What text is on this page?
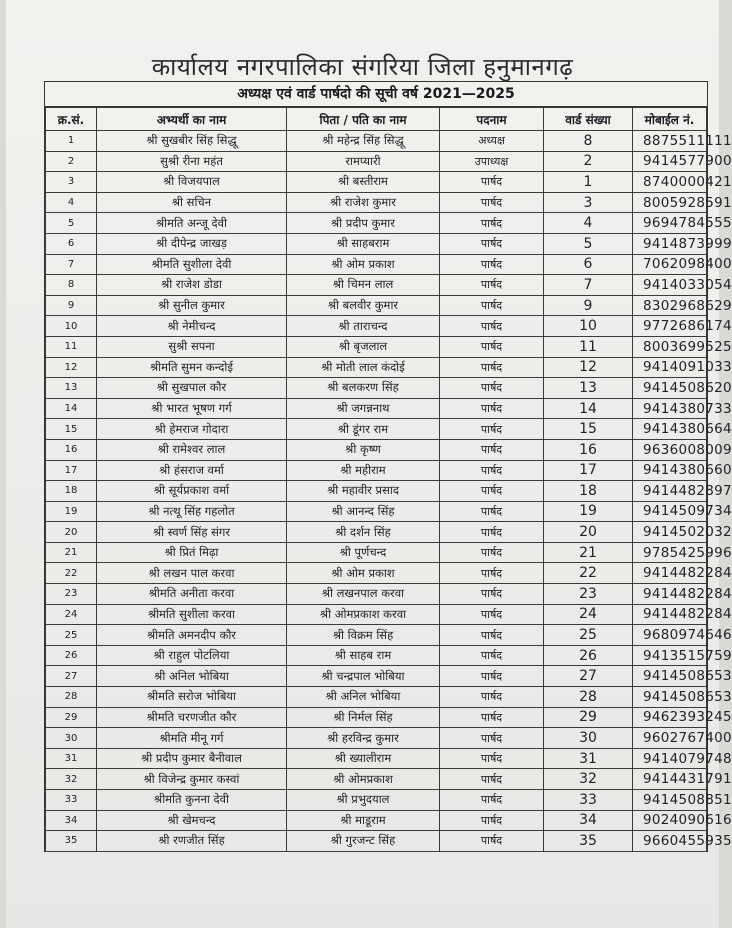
कार्यालय नगरपालिका संगरिया जिला हनुमानगढ़
अध्यक्ष एवं वार्ड पार्षदो की सूची वर्ष 2021—2025
क्र.सं.	अभ्यर्थी का नाम	पिता / पति का नाम	पदनाम	वार्ड संख्या	मोबाईल नं.
1	श्री सुखबीर सिंह सिद्धू	श्री महेन्द्र सिंह सिद्धू	अध्यक्ष	8	8875511111
2	सुश्री रीना महंत	रामप्यारी	उपाध्यक्ष	2	9414577900
3	श्री विजयपाल	श्री बस्तीराम	पार्षद	1	8740000421
4	श्री सचिन	श्री राजेश कुमार	पार्षद	3	8005928591
5	श्रीमति अन्जू देवी	श्री प्रदीप कुमार	पार्षद	4	9694784555
6	श्री दीपेन्द्र जाखड़	श्री साहबराम	पार्षद	5	9414873999
7	श्रीमति सुशीला देवी	श्री ओम प्रकाश	पार्षद	6	7062098400
8	श्री राजेश डोडा	श्री चिमन लाल	पार्षद	7	9414033054
9	श्री सुनील कुमार	श्री बलवीर कुमार	पार्षद	9	8302968629
10	श्री नेमीचन्द	श्री ताराचन्द	पार्षद	10	9772686174
11	सुश्री सपना	श्री बृजलाल	पार्षद	11	8003699525
12	श्रीमति सुमन कन्दोई	श्री मोती लाल कंदोई	पार्षद	12	9414091033
13	श्री सुखपाल कौर	श्री बलकरण सिंह	पार्षद	13	9414508620
14	श्री भारत भूषण गर्ग	श्री जगन्ननाथ	पार्षद	14	9414380733
15	श्री हेमराज गोदारा	श्री डूंगर राम	पार्षद	15	9414380664
16	श्री रामेश्वर लाल	श्री कृष्ण	पार्षद	16	9636008009
17	श्री हंसराज वर्मा	श्री महीराम	पार्षद	17	9414380660
18	श्री सूर्यप्रकाश वर्मा	श्री महावीर प्रसाद	पार्षद	18	9414482897
19	श्री नत्थू सिंह गहलोत	श्री आनन्द सिंह	पार्षद	19	9414509734
20	श्री स्वर्ण सिंह संगर	श्री दर्शन सिंह	पार्षद	20	9414502032
21	श्री प्रितं मिढ़ा	श्री पूर्णचन्द	पार्षद	21	9785425996
22	श्री लखन पाल करवा	श्री ओम प्रकाश	पार्षद	22	9414482284
23	श्रीमति अनीता करवा	श्री लखनपाल करवा	पार्षद	23	9414482284
24	श्रीमति सुशीला करवा	श्री ओमप्रकाश करवा	पार्षद	24	9414482284
25	श्रीमति अमनदीप कौर	श्री विक्रम सिंह	पार्षद	25	9680974646
26	श्री राहुल पोटलिया	श्री साहब राम	पार्षद	26	9413515759
27	श्री अनिल भोबिया	श्री चन्द्रपाल भोबिया	पार्षद	27	9414508653
28	श्रीमति सरोज भोबिया	श्री अनिल भोबिया	पार्षद	28	9414508653
29	श्रीमति चरणजीत कौर	श्री निर्मल सिंह	पार्षद	29	9462393245
30	श्रीमति मीनू गर्ग	श्री हरविन्द्र कुमार	पार्षद	30	9602767400
31	श्री प्रदीप कुमार बैनीवाल	श्री ख्यालीराम	पार्षद	31	9414079748
32	श्री विजेन्द्र कुमार कस्वां	श्री ओमप्रकाश	पार्षद	32	9414431791
33	श्रीमति कुनना देवी	श्री प्रभुदयाल	पार्षद	33	9414508851
34	श्री खेमचन्द	श्री माडूराम	पार्षद	34	9024090616
35	श्री रणजीत सिंह	श्री गुरजन्ट सिंह	पार्षद	35	9660455935
